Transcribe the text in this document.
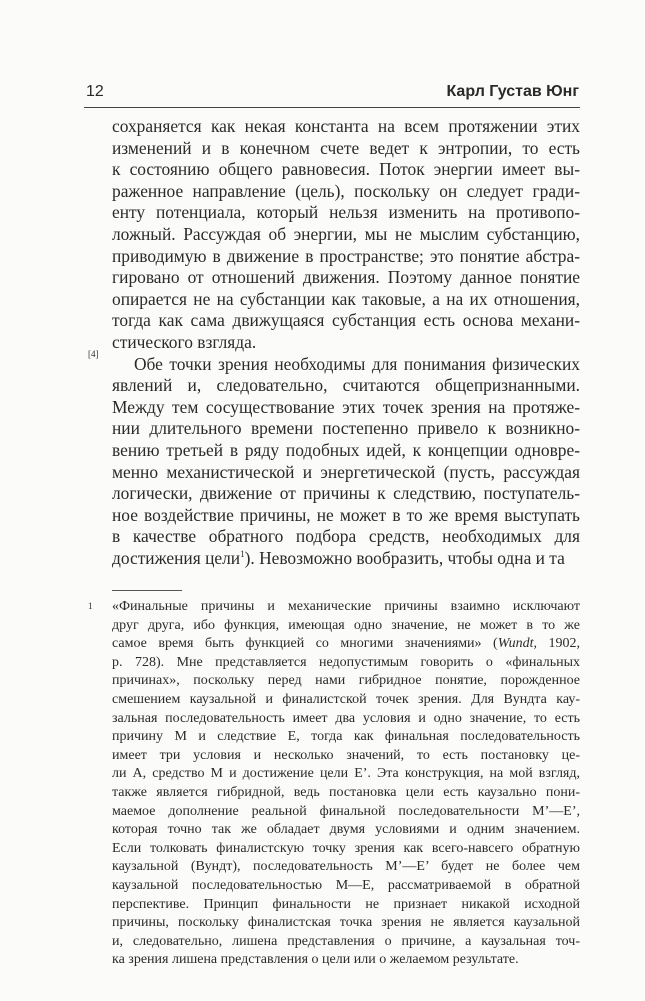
12	Карл Густав Юнг
[4]
сохраняется как некая константа на всем протяжении этих
изменений и в конечном счете ведет к энтропии, то есть
к состоянию общего равновесия. Поток энергии имеет вы-
раженное направление (цель), поскольку он следует гради-
енту потенциала, который нельзя изменить на противопо-
ложный. Рассуждая об энергии, мы не мыслим субстанцию,
приводимую в движение в пространстве; это понятие абстра-
гировано от отношений движения. Поэтому данное понятие
опирается не на субстанции как таковые, а на их отношения,
тогда как сама движущаяся субстанция есть основа механи-
стического взгляда.
Обе точки зрения необходимы для понимания физических
явлений и, следовательно, считаются общепризнанными.
Между тем сосуществование этих точек зрения на протяже-
нии длительного времени постепенно привело к возникно-
вению третьей в ряду подобных идей, к концепции одновре-
менно механистической и энергетической (пусть, рассуждая
логически, движение от причины к следствию, поступатель-
ное воздействие причины, не может в то же время выступать
в качестве обратного подбора средств, необходимых для
достижения цели$^1$). Невозможно вообразить, чтобы одна и та
1 «Финальные причины и механические причины взаимно исключают
друг друга, ибо функция, имеющая одно значение, не может в то же
самое время быть функцией со многими значениями» (Wundt, 1902,
p. 728). Мне представляется недопустимым говорить о «финальных
причинах», поскольку перед нами гибридное понятие, порожденное
смешением каузальной и финалистской точек зрения. Для Вундта кау-
зальная последовательность имеет два условия и одно значение, то есть
причину M и следствие E, тогда как финальная последовательность
имеет три условия и несколько значений, то есть постановку це-
ли A, средство M и достижение цели E’. Эта конструкция, на мой взгляд,
также является гибридной, ведь постановка цели есть каузально пони-
маемое дополнение реальной финальной последовательности M’—E’,
которая точно так же обладает двумя условиями и одним значением.
Если толковать финалистскую точку зрения как всего-навсего обратную
каузальной (Вундт), последовательность M’—E’ будет не более чем
каузальной последовательностью M—E, рассматриваемой в обратной
перспективе. Принцип финальности не признает никакой исходной
причины, поскольку финалистская точка зрения не является каузальной
и, следовательно, лишена представления о причине, а каузальная точ-
ка зрения лишена представления о цели или о желаемом результате.
